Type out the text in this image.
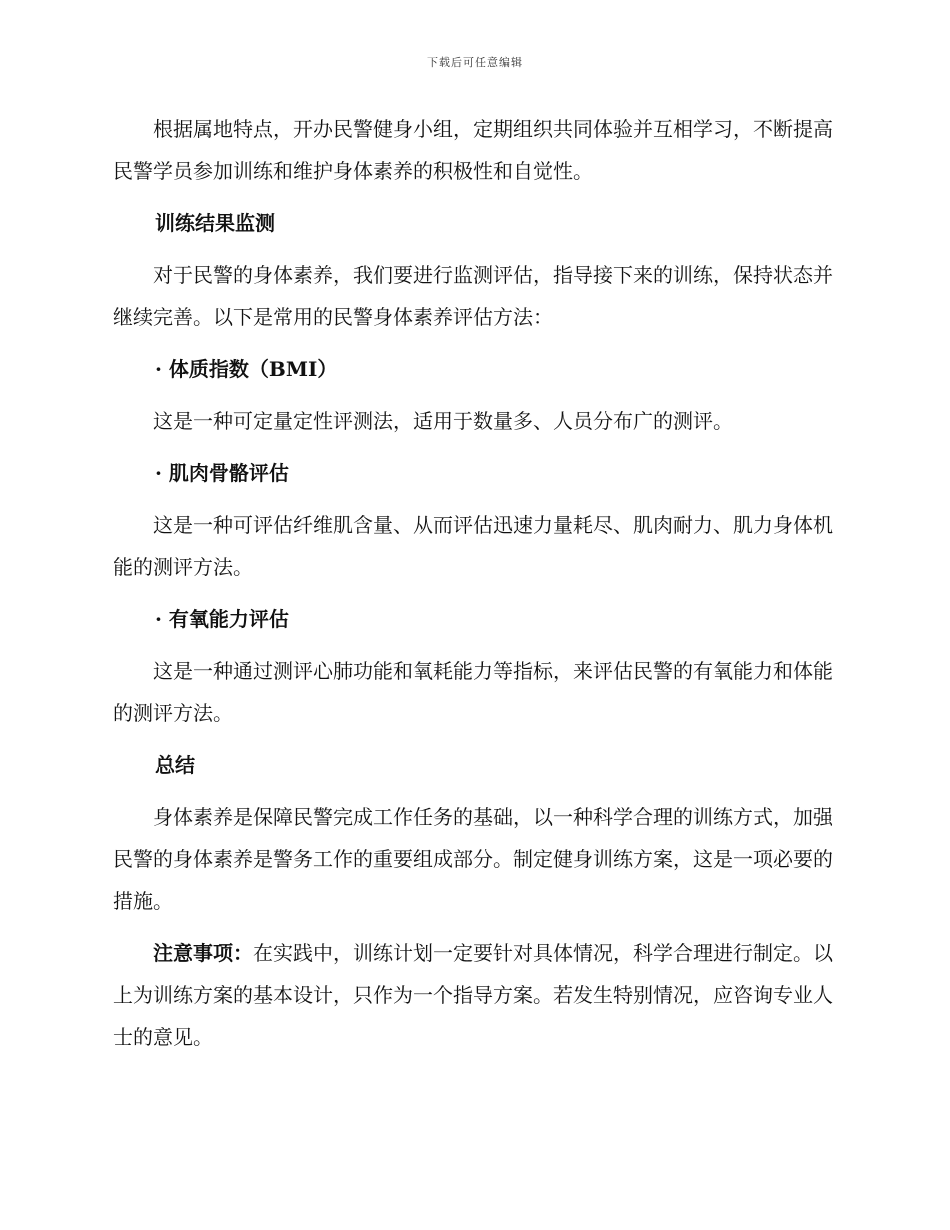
下载后可任意编辑

根据属地特点，开办民警健身小组，定期组织共同体验并互相学习，不断提高民警学员参加训练和维护身体素养的积极性和自觉性。

训练结果监测

对于民警的身体素养，我们要进行监测评估，指导接下来的训练，保持状态并继续完善。以下是常用的民警身体素养评估方法：

· 体质指数（BMI）

这是一种可定量定性评测法，适用于数量多、人员分布广的测评。

· 肌肉骨骼评估

这是一种可评估纤维肌含量、从而评估迅速力量耗尽、肌肉耐力、肌力身体机能的测评方法。

· 有氧能力评估

这是一种通过测评心肺功能和氧耗能力等指标，来评估民警的有氧能力和体能的测评方法。

总结

身体素养是保障民警完成工作任务的基础，以一种科学合理的训练方式，加强民警的身体素养是警务工作的重要组成部分。制定健身训练方案，这是一项必要的措施。

注意事项：在实践中，训练计划一定要针对具体情况，科学合理进行制定。以上为训练方案的基本设计，只作为一个指导方案。若发生特别情况，应咨询专业人士的意见。
